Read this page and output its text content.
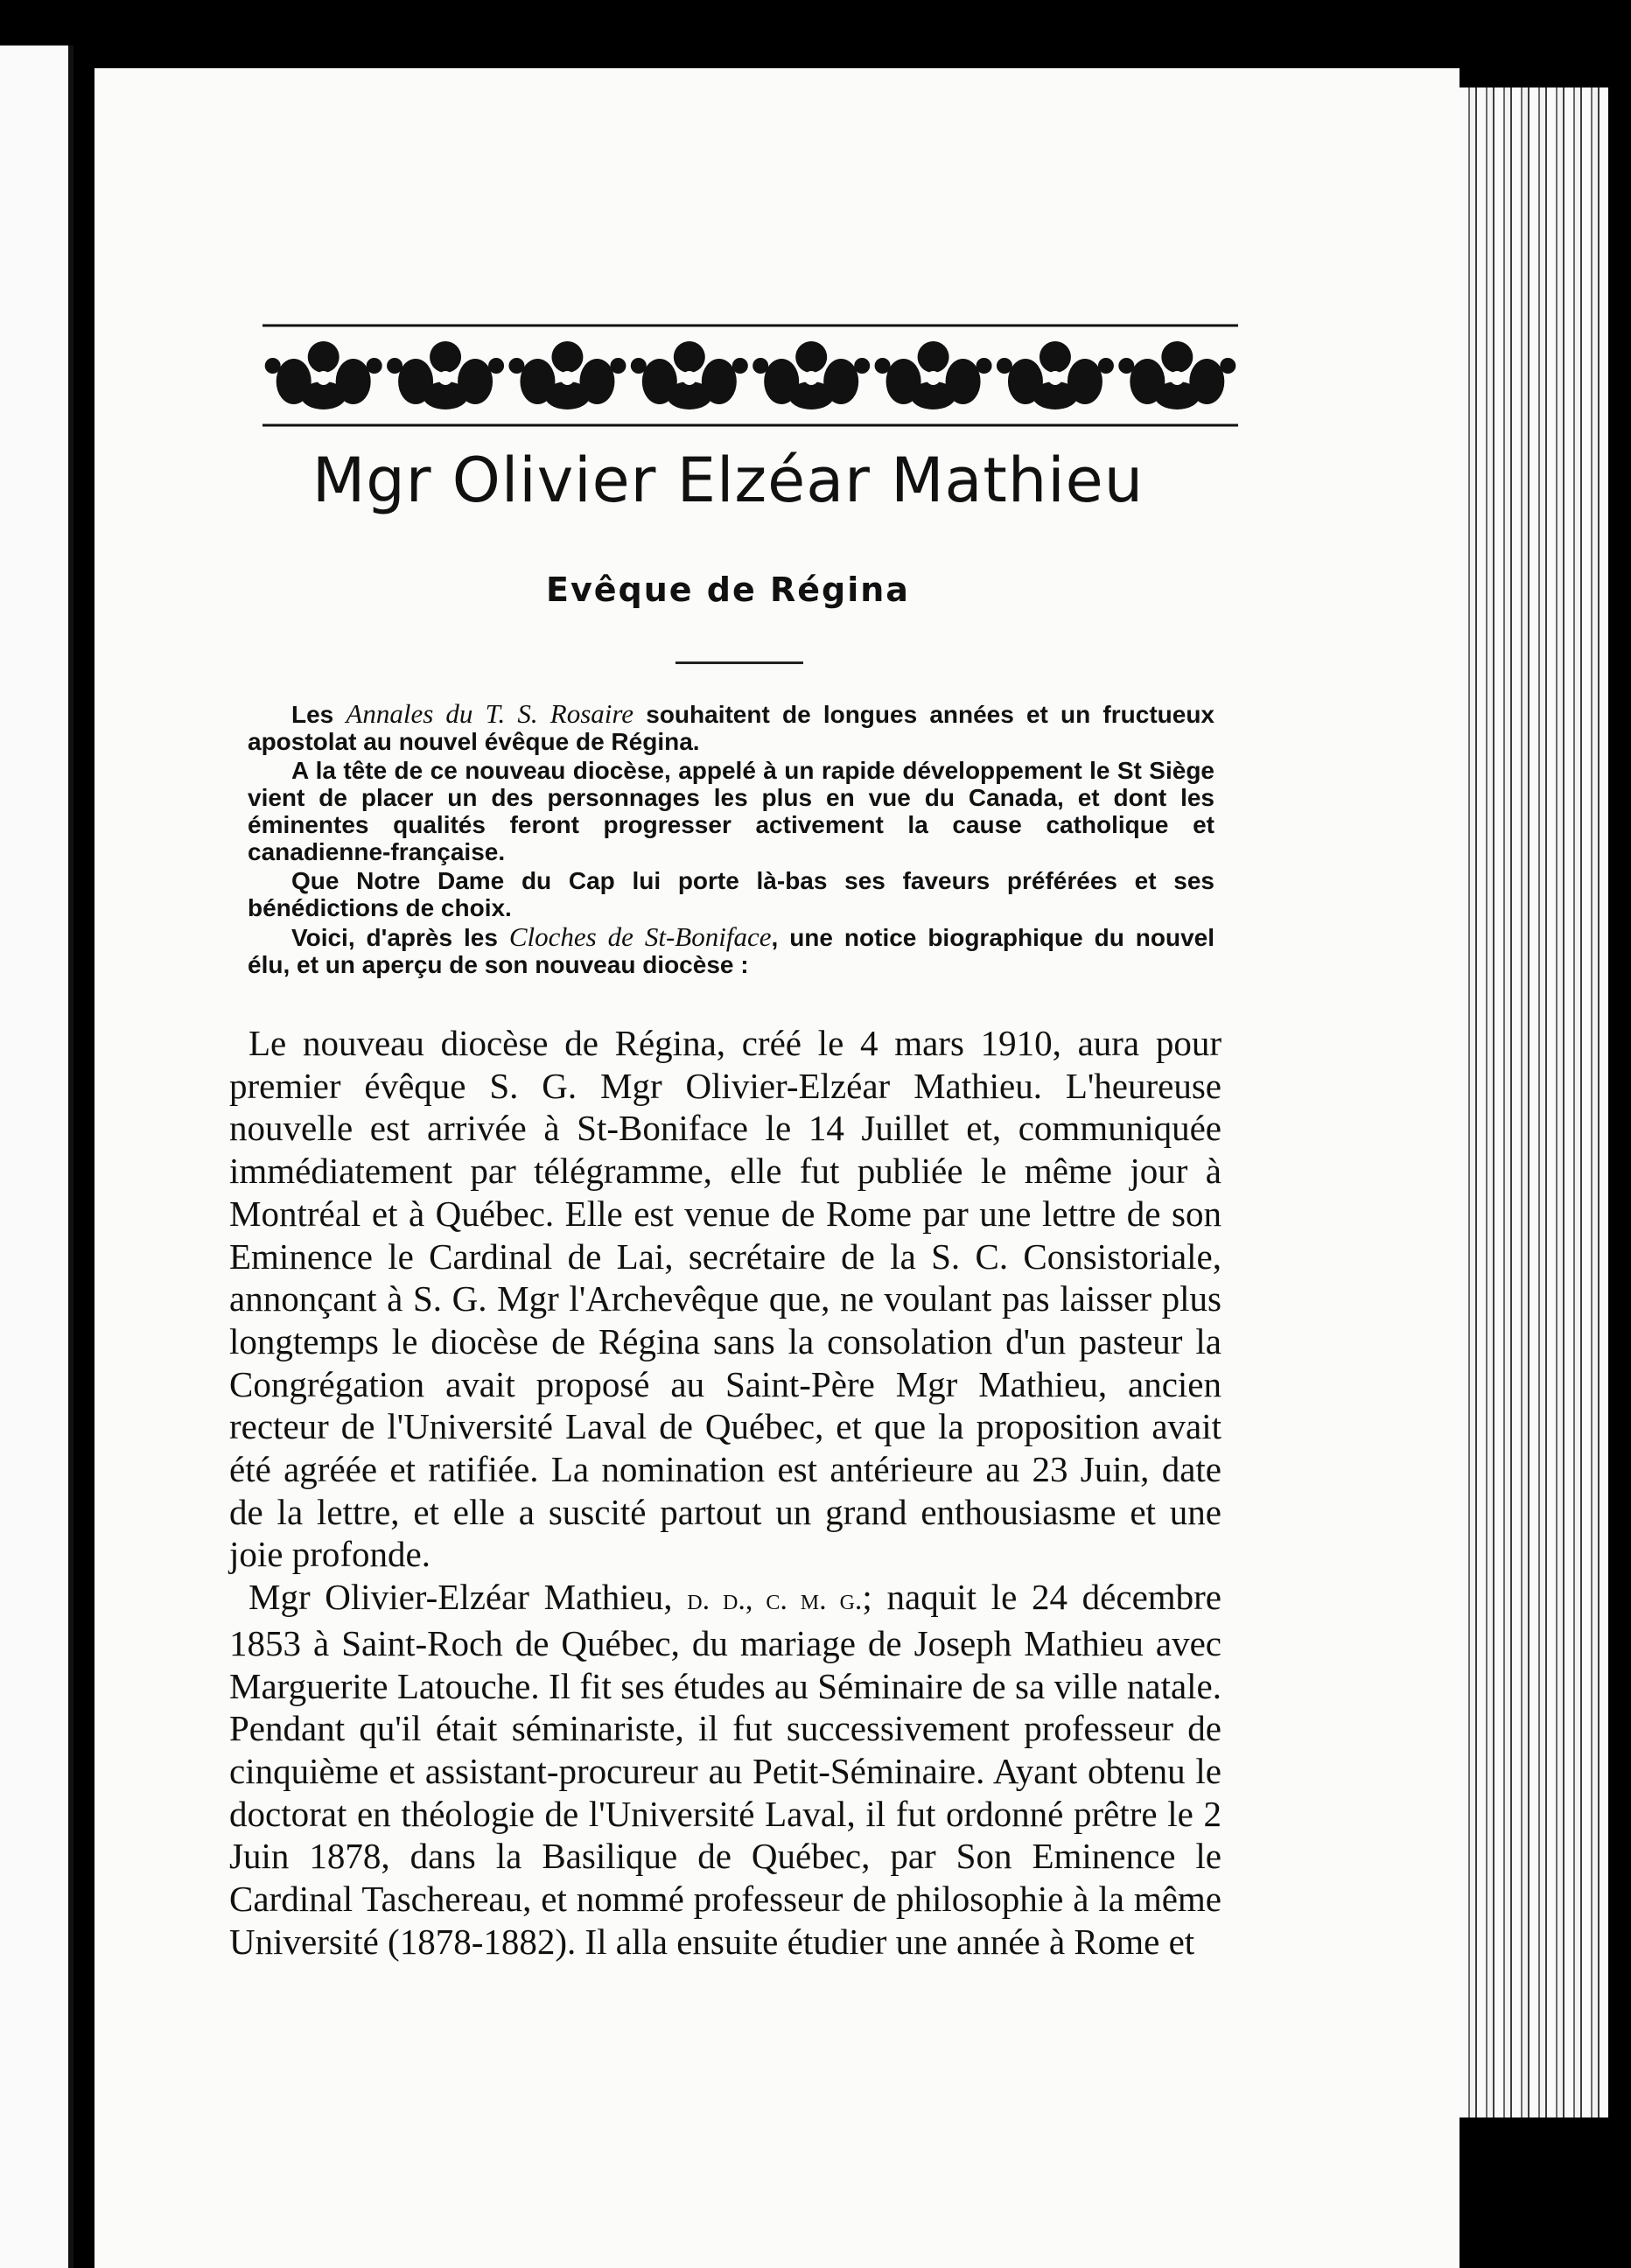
Mgr Olivier Elzéar Mathieu
Evêque de Régina

Les Annales du T. S. Rosaire souhaitent de longues années et un fructueux apostolat au nouvel évêque de Régina.

A la tête de ce nouveau diocèse, appelé à un rapide développement le St Siège vient de placer un des personnages les plus en vue du Canada, et dont les éminentes qualités feront progresser activement la cause catholique et canadienne-française.

Que Notre Dame du Cap lui porte là-bas ses faveurs préférées et ses bénédictions de choix.

Voici, d'après les Cloches de St-Boniface, une notice biographique du nouvel élu, et un aperçu de son nouveau diocèse :

Le nouveau diocèse de Régina, créé le 4 mars 1910, aura pour premier évêque S. G. Mgr Olivier-Elzéar Mathieu. L'heureuse nouvelle est arrivée à St-Boniface le 14 Juillet et, communiquée immédiatement par télégramme, elle fut publiée le même jour à Montréal et à Québec. Elle est venue de Rome par une lettre de son Eminence le Cardinal de Lai, secrétaire de la S. C. Consistoriale, annonçant à S. G. Mgr l'Archevêque que, ne voulant pas laisser plus longtemps le diocèse de Régina sans la consolation d'un pasteur la Congrégation avait proposé au Saint-Père Mgr Mathieu, ancien recteur de l'Université Laval de Québec, et que la proposition avait été agréée et ratifiée. La nomination est antérieure au 23 Juin, date de la lettre, et elle a suscité partout un grand enthousiasme et une joie profonde.

Mgr Olivier-Elzéar Mathieu, d. d., c. m. g.; naquit le 24 décembre 1853 à Saint-Roch de Québec, du mariage de Joseph Mathieu avec Marguerite Latouche. Il fit ses études au Séminaire de sa ville natale. Pendant qu'il était séminariste, il fut successivement professeur de cinquième et assistant-procureur au Petit-Séminaire. Ayant obtenu le doctorat en théologie de l'Université Laval, il fut ordonné prêtre le 2 Juin 1878, dans la Basilique de Québec, par Son Eminence le Cardinal Taschereau, et nommé professeur de philosophie à la même Université (1878-1882). Il alla ensuite étudier une année à Rome et
